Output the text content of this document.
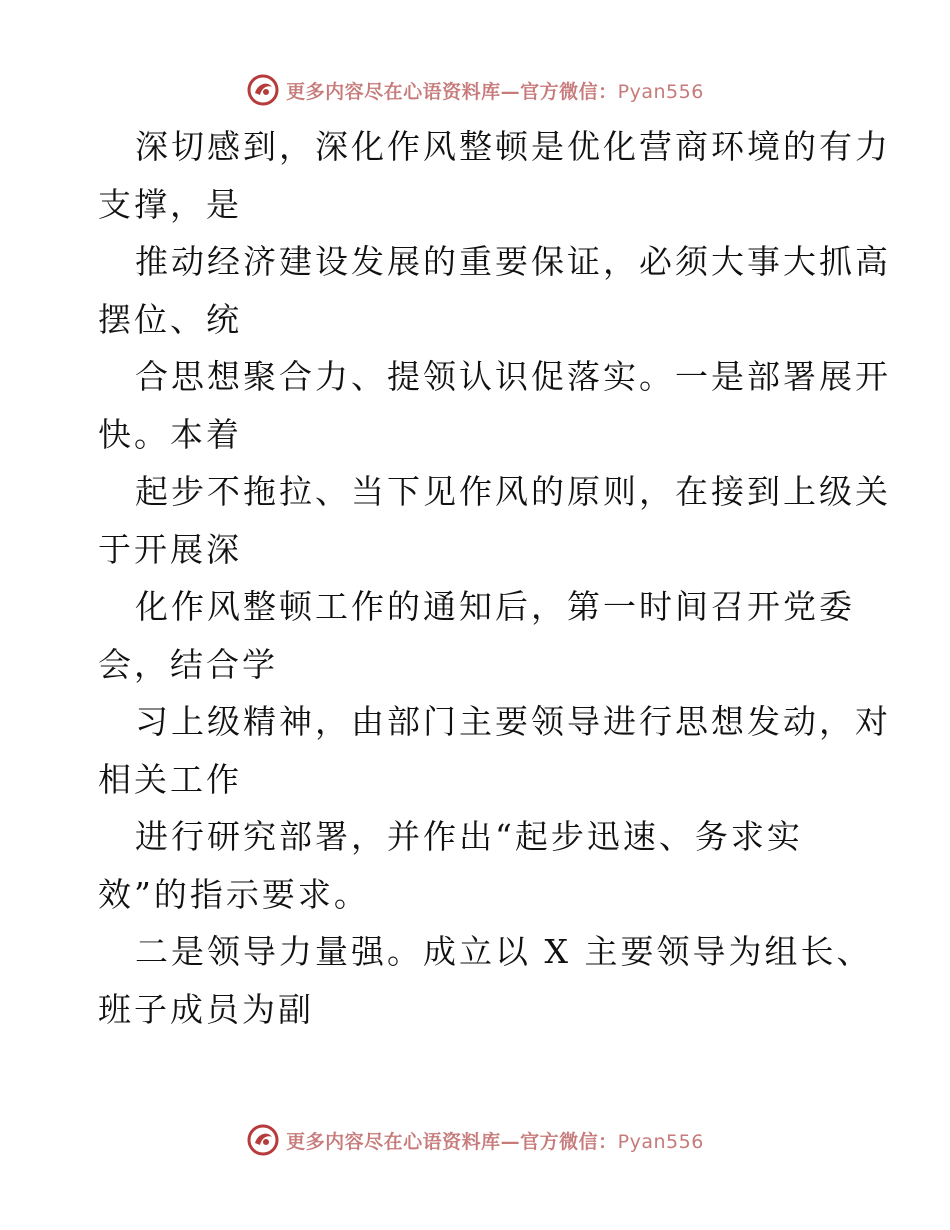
更多内容尽在心语资料库—官方微信：Pyan556
深切感到，深化作风整顿是优化营商环境的有力
支撑，是
推动经济建设发展的重要保证，必须大事大抓高
摆位、统
合思想聚合力、提领认识促落实。一是部署展开
快。本着
起步不拖拉、当下见作风的原则，在接到上级关
于开展深
化作风整顿工作的通知后，第一时间召开党委
会，结合学
习上级精神，由部门主要领导进行思想发动，对
相关工作
进行研究部署，并作出“起步迅速、务求实
效”的指示要求。
二是领导力量强。成立以 X 主要领导为组长、
班子成员为副
更多内容尽在心语资料库—官方微信：Pyan556
